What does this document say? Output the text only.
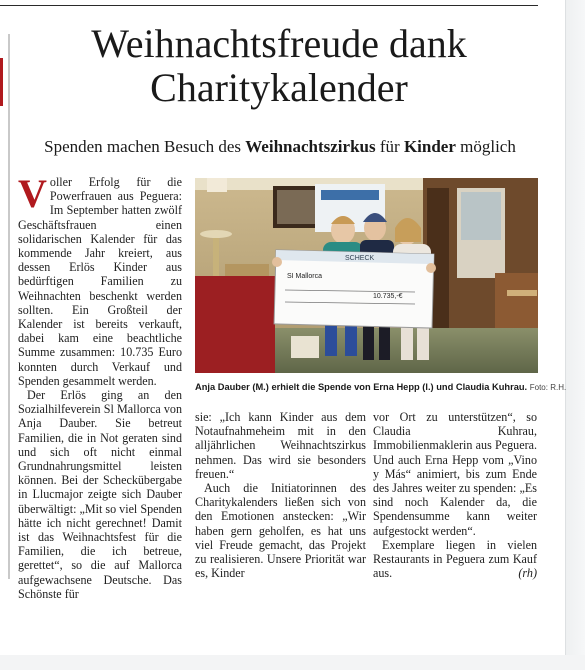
Weihnachtsfreude dank
Charitykalender
Spenden machen Besuch des Weihnachtszirkus für Kinder möglich

Voller Erfolg für die Powerfrauen aus Peguera: Im September hatten zwölf Geschäftsfrauen einen solidarischen Kalender für das kommende Jahr kreiert, aus dessen Erlös Kinder aus bedürftigen Familien zu Weihnachten beschenkt werden sollten. Ein Großteil der Kalender ist bereits verkauft, dabei kam eine beachtliche Summe zusammen: 10.735 Euro konnten durch Verkauf und Spenden gesammelt werden.

Der Erlös ging an den Sozialhilfeverein Sl Mallorca von Anja Dauber. Sie betreut Familien, die in Not geraten sind und sich oft nicht einmal Grundnahrungsmittel leisten können. Bei der Scheckübergabe in Llucmajor zeigte sich Dauber überwältigt: „Mit so viel Spenden hätte ich nicht gerechnet! Damit ist das Weihnachtsfest für die Familien, die ich betreue, gerettet“, so die auf Mallorca aufgewachsene Deutsche. Das Schönste für

SCHECK
SI Mallorca
10.735,-€
Anja Dauber (M.) erhielt die Spende von Erna Hepp (l.) und Claudia Kuhrau. Foto: R.H.

sie: „Ich kann Kinder aus dem Notaufnahmeheim mit in den alljährlichen Weihnachtszirkus nehmen. Das wird sie besonders freuen.“

Auch die Initiatorinnen des Charitykalenders ließen sich von den Emotionen anstecken: „Wir haben gern geholfen, es hat uns viel Freude gemacht, das Projekt zu realisieren. Unsere Priorität war es, Kinder

vor Ort zu unterstützen“, so Claudia Kuhrau, Immobilienmaklerin aus Peguera. Und auch Erna Hepp vom „Vino y Más“ animiert, bis zum Ende des Jahres weiter zu spenden: „Es sind noch Kalender da, die Spendensumme kann weiter aufgestockt werden“.

Exemplare liegen in vielen Restaurants in Peguera zum Kauf aus.	(rh)
